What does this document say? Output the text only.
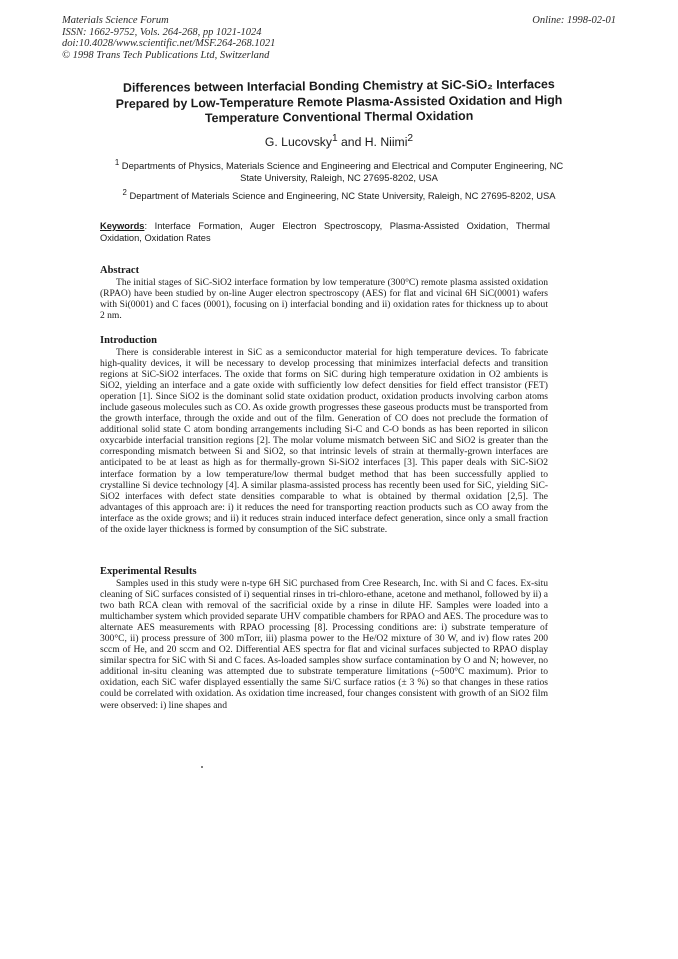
Materials Science Forum
ISSN: 1662-9752, Vols. 264-268, pp 1021-1024
doi:10.4028/www.scientific.net/MSF.264-268.1021
© 1998 Trans Tech Publications Ltd, Switzerland
Online: 1998-02-01
Differences between Interfacial Bonding Chemistry at SiC-SiO₂ Interfaces Prepared by Low-Temperature Remote Plasma-Assisted Oxidation and High Temperature Conventional Thermal Oxidation
G. Lucovsky$^1$ and H. Niimi$^2$
$^1$ Departments of Physics, Materials Science and Engineering and Electrical and Computer Engineering, NC State University, Raleigh, NC 27695-8202, USA
$^2$ Department of Materials Science and Engineering, NC State University, Raleigh, NC 27695-8202, USA
Keywords: Interface Formation, Auger Electron Spectroscopy, Plasma-Assisted Oxidation, Thermal Oxidation, Oxidation Rates
Abstract

The initial stages of SiC-SiO2 interface formation by low temperature (300°C) remote plasma assisted oxidation (RPAO) have been studied by on-line Auger electron spectroscopy (AES) for flat and vicinal 6H SiC(0001) wafers with Si(0001) and C faces (0001), focusing on i) interfacial bonding and ii) oxidation rates for thickness up to about 2 nm.

Introduction

There is considerable interest in SiC as a semiconductor material for high temperature devices. To fabricate high-quality devices, it will be necessary to develop processing that minimizes interfacial defects and transition regions at SiC-SiO2 interfaces. The oxide that forms on SiC during high temperature oxidation in O2 ambients is SiO2, yielding an interface and a gate oxide with sufficiently low defect densities for field effect transistor (FET) operation [1]. Since SiO2 is the dominant solid state oxidation product, oxidation products involving carbon atoms include gaseous molecules such as CO. As oxide growth progresses these gaseous products must be transported from the growth interface, through the oxide and out of the film. Generation of CO does not preclude the formation of additional solid state C atom bonding arrangements including Si-C and C-O bonds as has been reported in silicon oxycarbide interfacial transition regions [2]. The molar volume mismatch between SiC and SiO2 is greater than the corresponding mismatch between Si and SiO2, so that intrinsic levels of strain at thermally-grown interfaces are anticipated to be at least as high as for thermally-grown Si-SiO2 interfaces [3]. This paper deals with SiC-SiO2 interface formation by a low temperature/low thermal budget method that has been successfully applied to crystalline Si device technology [4]. A similar plasma-assisted process has recently been used for SiC, yielding SiC-SiO2 interfaces with defect state densities comparable to what is obtained by thermal oxidation [2,5]. The advantages of this approach are: i) it reduces the need for transporting reaction products such as CO away from the interface as the oxide grows; and ii) it reduces strain induced interface defect generation, since only a small fraction of the oxide layer thickness is formed by consumption of the SiC substrate.

Experimental Results

Samples used in this study were n-type 6H SiC purchased from Cree Research, Inc. with Si and C faces. Ex-situ cleaning of SiC surfaces consisted of i) sequential rinses in tri-chloro-ethane, acetone and methanol, followed by ii) a two bath RCA clean with removal of the sacrificial oxide by a rinse in dilute HF. Samples were loaded into a multichamber system which provided separate UHV compatible chambers for RPAO and AES. The procedure was to alternate AES measurements with RPAO processing [8]. Processing conditions are: i) substrate temperature of 300°C, ii) process pressure of 300 mTorr, iii) plasma power to the He/O2 mixture of 30 W, and iv) flow rates 200 sccm of He, and 20 sccm and O2. Differential AES spectra for flat and vicinal surfaces subjected to RPAO display similar spectra for SiC with Si and C faces. As-loaded samples show surface contamination by O and N; however, no additional in-situ cleaning was attempted due to substrate temperature limitations (~500°C maximum). Prior to oxidation, each SiC wafer displayed essentially the same Si/C surface ratios (± 3 %) so that changes in these ratios could be correlated with oxidation. As oxidation time increased, four changes consistent with growth of an SiO2 film were observed: i) line shapes and
